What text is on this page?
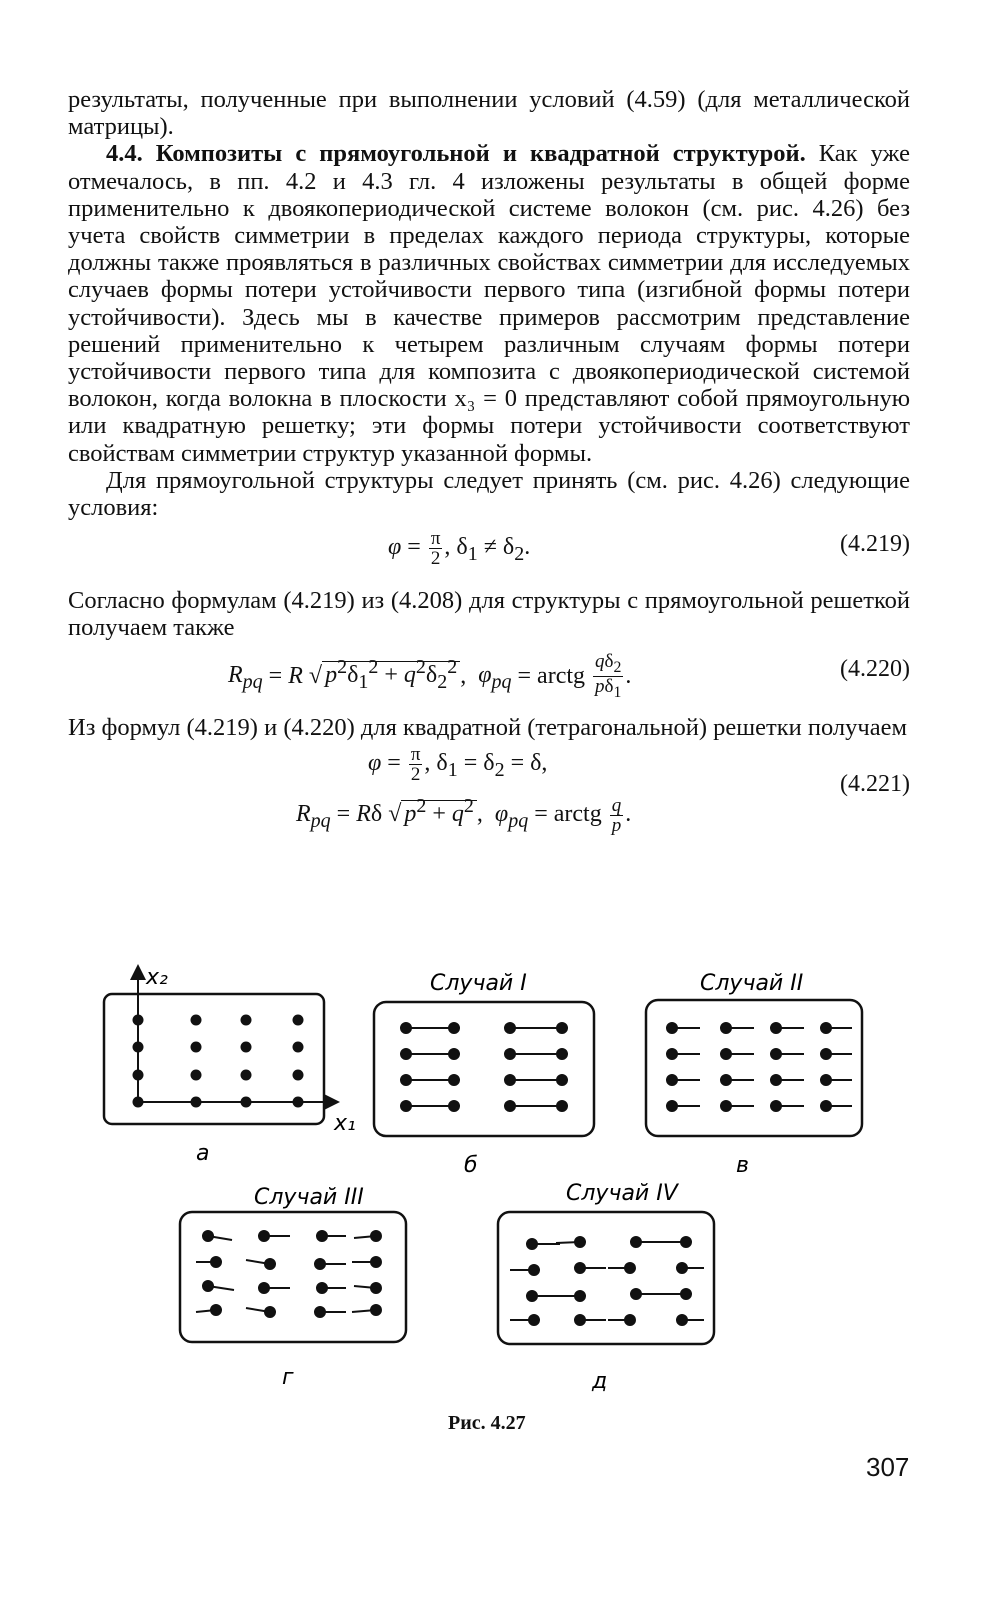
результаты, полученные при выполнении условий (4.59) (для металлической матрицы).

4.4. Композиты с прямоугольной и квадратной структурой. Как уже отмечалось, в пп. 4.2 и 4.3 гл. 4 изложены результаты в общей форме применительно к двоякопериодической системе волокон (см. рис. 4.26) без учета свойств симметрии в пределах каждого периода структуры, которые должны также проявляться в различных свойствах симметрии для исследуемых случаев формы потери устойчивости первого типа (изгибной формы потери устойчивости). Здесь мы в качестве примеров рассмотрим представление решений применительно к четырем различным случаям формы потери устойчивости первого типа для композита с двоякопериодической системой волокон, когда волокна в плоскости x₃ = 0 представляют собой прямоугольную или квадратную решетку; эти формы потери устойчивости соответствуют свойствам симметрии структур указанной формы.

Для прямоугольной структуры следует принять (см. рис. 4.26) следующие условия:

$\varphi = \frac{\pi}{2}$ , $\delta_1 \ne \delta_2$.	(4.219)

Согласно формулам (4.219) из (4.208) для структуры с прямоугольной решеткой получаем также

$R_{pq} = R$ √ $p^2\delta_1^2 + q^2\delta_2^2$ ,  $\varphi_{pq}$ = arctg $\frac{q\delta_2}{p\delta_1}$ .	(4.220)

Из формул (4.219) и (4.220) для квадратной (тетрагональной) решетки получаем

$\varphi = \frac{\pi}{2}$ , $\delta_1 = \delta_2 = \delta$,
$R_{pq} = R\delta$ √ $p^2 + q^2$ ,  $\varphi_{pq}$ = arctg $\frac{q}{p}$ .
(4.221)
x₂
x₁
а
Случай I
б
Случай II
в
Случай III
г
Случай IV
д
Рис. 4.27
307
